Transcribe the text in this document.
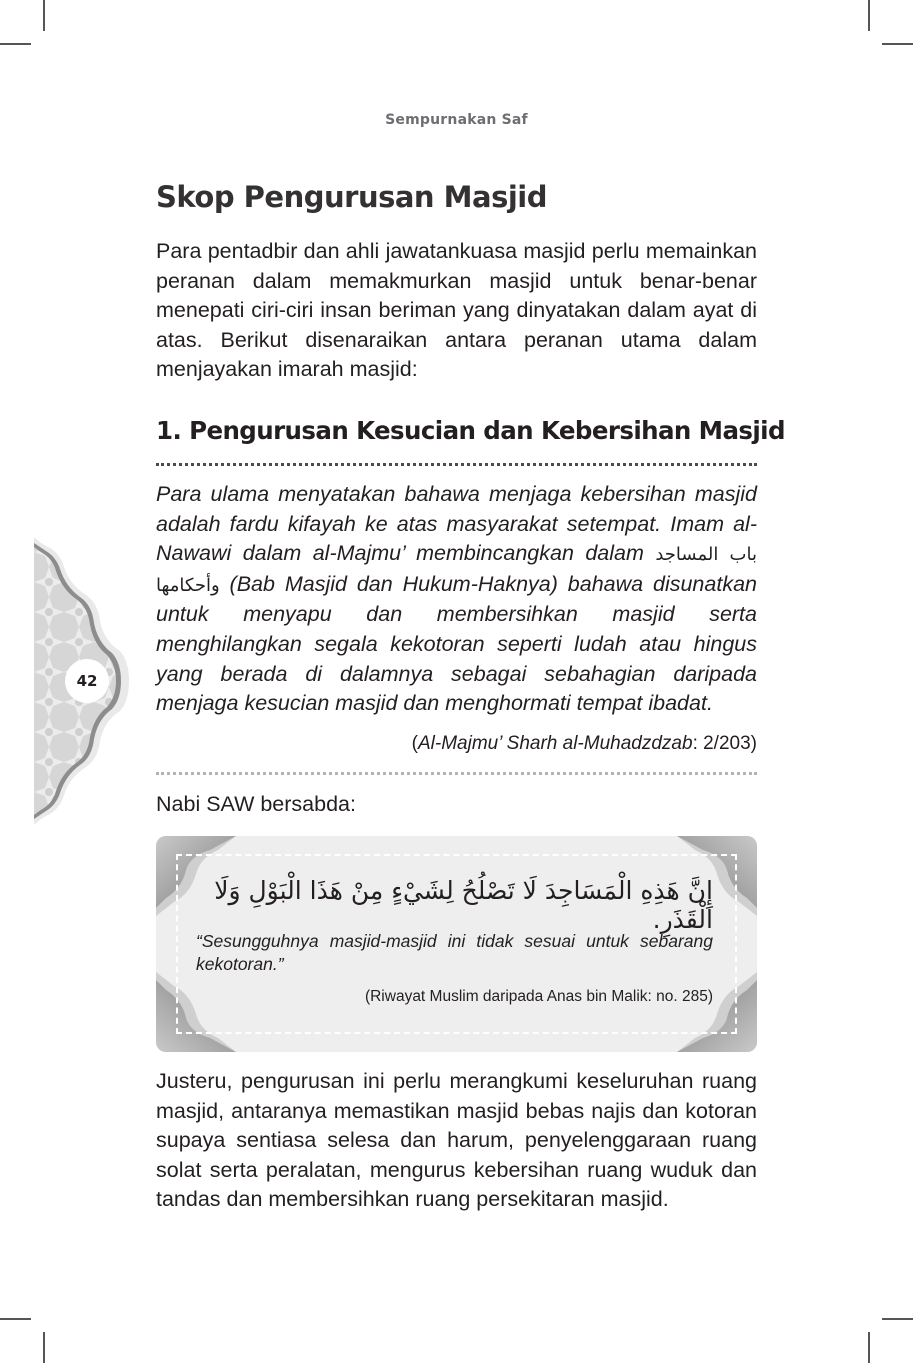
Sempurnakan Saf
Skop Pengurusan Masjid

Para pentadbir dan ahli jawatankuasa masjid perlu memainkan peranan dalam memakmurkan masjid untuk benar-benar menepati ciri-ciri insan beriman yang dinyatakan dalam ayat di atas. Berikut disenaraikan antara peranan utama dalam menjayakan imarah masjid:

1. Pengurusan Kesucian dan Kebersihan Masjid

Para ulama menyatakan bahawa menjaga kebersihan masjid adalah fardu kifayah ke atas masyarakat setempat. Imam al-Nawawi dalam al-Majmu’ membincangkan dalam باب المساجد وأحكامها (Bab Masjid dan Hukum-Haknya) bahawa disunatkan untuk menyapu dan membersihkan masjid serta menghilangkan segala kekotoran seperti ludah atau hingus yang berada di dalamnya sebagai sebahagian daripada menjaga kesucian masjid dan menghormati tempat ibadat.

(Al-Majmu’ Sharh al-Muhadzdzab: 2/203)
Nabi SAW bersabda:
إِنَّ هَذِهِ الْمَسَاجِدَ لَا تَصْلُحُ لِشَيْءٍ مِنْ هَذَا الْبَوْلِ وَلَا الْقَذَرِ.
“Sesungguhnya masjid-masjid ini tidak sesuai untuk sebarang kekotoran.”
(Riwayat Muslim daripada Anas bin Malik: no. 285)

Justeru, pengurusan ini perlu merangkumi keseluruhan ruang masjid, antaranya memastikan masjid bebas najis dan kotoran supaya sentiasa selesa dan harum, penyelenggaraan ruang solat serta peralatan, mengurus kebersihan ruang wuduk dan tandas dan membersihkan ruang persekitaran masjid.

42
